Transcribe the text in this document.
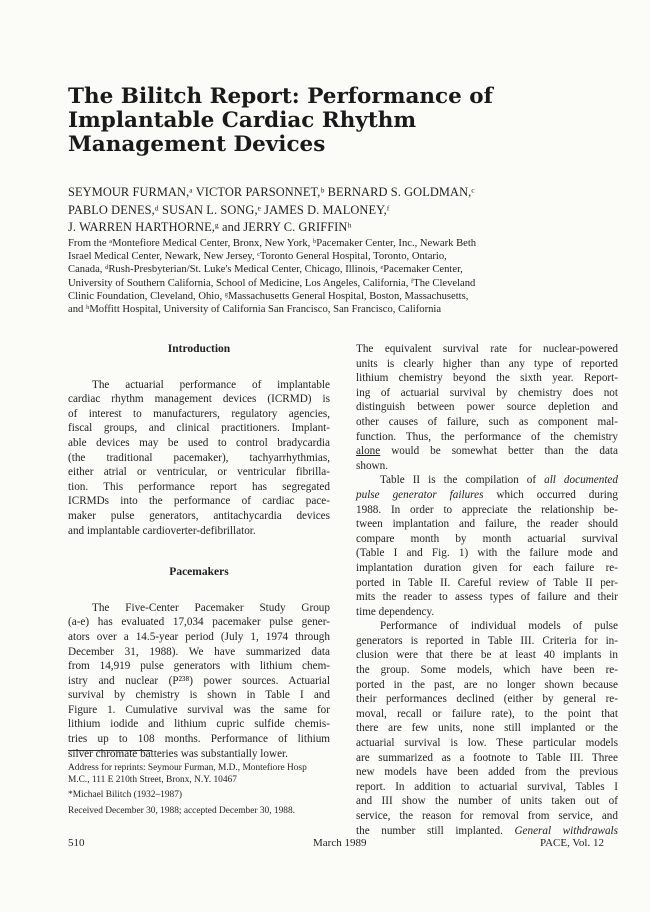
The Bilitch Report: Performance of
Implantable Cardiac Rhythm
Management Devices
SEYMOUR FURMAN,ᵃ VICTOR PARSONNET,ᵇ BERNARD S. GOLDMAN,ᶜ
PABLO DENES,ᵈ SUSAN L. SONG,ᵉ JAMES D. MALONEY,ᶠ
J. WARREN HARTHORNE,ᵍ and JERRY C. GRIFFINʰ
From the ᵃMontefiore Medical Center, Bronx, New York, ᵇPacemaker Center, Inc., Newark Beth
Israel Medical Center, Newark, New Jersey, ᶜToronto General Hospital, Toronto, Ontario,
Canada, ᵈRush-Presbyterian/St. Luke's Medical Center, Chicago, Illinois, ᵉPacemaker Center,
University of Southern California, School of Medicine, Los Angeles, California, ᶠThe Cleveland
Clinic Foundation, Cleveland, Ohio, ᵍMassachusetts General Hospital, Boston, Massachusetts,
and ʰMoffitt Hospital, University of California San Francisco, San Francisco, California

Introduction

The actuarial performance of implantable
cardiac rhythm management devices (ICRMD) is
of interest to manufacturers, regulatory agencies,
fiscal groups, and clinical practitioners. Implant-
able devices may be used to control bradycardia
(the traditional pacemaker), tachyarrhythmias,
either atrial or ventricular, or ventricular fibrilla-
tion. This performance report has segregated
ICRMDs into the performance of cardiac pace-
maker pulse generators, antitachycardia devices
and implantable cardioverter-defibrillator.

Pacemakers

The Five-Center Pacemaker Study Group
(a-e) has evaluated 17,034 pacemaker pulse gener-
ators over a 14.5-year period (July 1, 1974 through
December 31, 1988). We have summarized data
from 14,919 pulse generators with lithium chem-
istry and nuclear (P²³⁸) power sources. Actuarial
survival by chemistry is shown in Table I and
Figure 1. Cumulative survival was the same for
lithium iodide and lithium cupric sulfide chemis-
tries up to 108 months. Performance of lithium
silver chromate batteries was substantially lower.
The equivalent survival rate for nuclear-powered
units is clearly higher than any type of reported
lithium chemistry beyond the sixth year. Report-
ing of actuarial survival by chemistry does not
distinguish between power source depletion and
other causes of failure, such as component mal-
function. Thus, the performance of the chemistry
alone would be somewhat better than the data
shown.
Table II is the compilation of all documented
pulse generator failures which occurred during
1988. In order to appreciate the relationship be-
tween implantation and failure, the reader should
compare month by month actuarial survival
(Table I and Fig. 1) with the failure mode and
implantation duration given for each failure re-
ported in Table II. Careful review of Table II per-
mits the reader to assess types of failure and their
time dependency.
Performance of individual models of pulse
generators is reported in Table III. Criteria for in-
clusion were that there be at least 40 implants in
the group. Some models, which have been re-
ported in the past, are no longer shown because
their performances declined (either by general re-
moval, recall or failure rate), to the point that
there are few units, none still implanted or the
actuarial survival is low. These particular models
are summarized as a footnote to Table III. Three
new models have been added from the previous
report. In addition to actuarial survival, Tables I
and III show the number of units taken out of
service, the reason for removal from service, and
the number still implanted. General withdrawals
Address for reprints: Seymour Furman, M.D., Montefiore Hosp
M.C., 111 E 210th Street, Bronx, N.Y. 10467
*Michael Bilitch (1932–1987)
Received December 30, 1988; accepted December 30, 1988.
510	March 1989	PACE, Vol. 12
